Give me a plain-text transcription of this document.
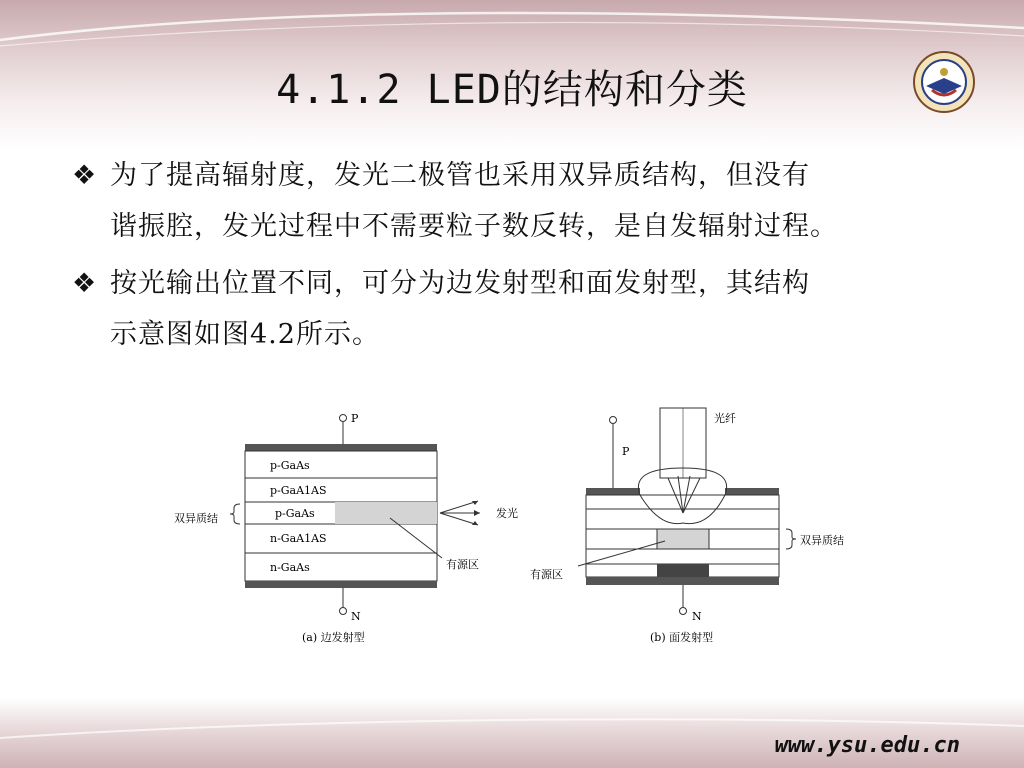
4.1.2 LED的结构和分类
❖ 为了提高辐射度，发光二极管也采用双异质结构，但没有
谐振腔，发光过程中不需要粒子数反转，是自发辐射过程。
❖ 按光输出位置不同，可分为边发射型和面发射型，其结构
示意图如图4.2所示。
P
p-GaAs
p-GaA1AS
p-GaAs
n-GaA1AS
n-GaAs
双异质结	发光
有源区
N
(a) 边发射型
光纤
P
双异质结
有源区
N
(b) 面发射型
www.ysu.edu.cn
